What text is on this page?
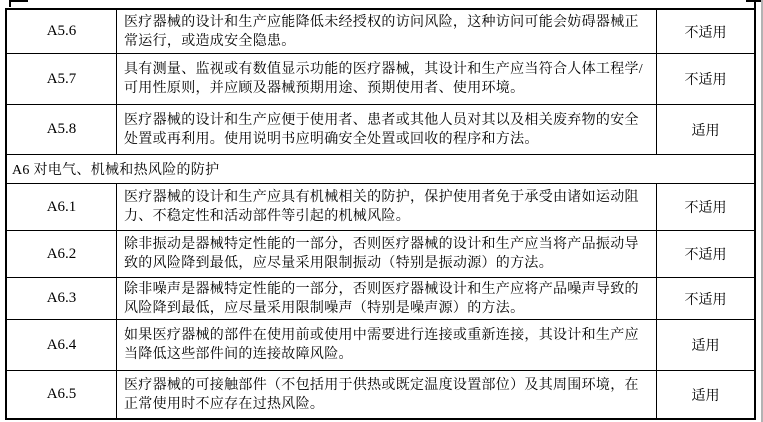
A5.6
医疗器械的设计和生产应能降低未经授权的访问风险，这种访问可能会妨碍器械正常运行，或造成安全隐患。
不适用
A5.7
具有测量、监视或有数值显示功能的医疗器械，其设计和生产应当符合人体工程学/可用性原则，并应顾及器械预期用途、预期使用者、使用环境。
不适用
A5.8
医疗器械的设计和生产应便于使用者、患者或其他人员对其以及相关废弃物的安全处置或再利用。使用说明书应明确安全处置或回收的程序和方法。
适用
A6 对电气、机械和热风险的防护
A6.1
医疗器械的设计和生产应具有机械相关的防护，保护使用者免于承受由诸如运动阻力、不稳定性和活动部件等引起的机械风险。
不适用
A6.2
除非振动是器械特定性能的一部分，否则医疗器械的设计和生产应当将产品振动导致的风险降到最低，应尽量采用限制振动（特别是振动源）的方法。
不适用
A6.3
除非噪声是器械特定性能的一部分，否则医疗器械设计和生产应将产品噪声导致的风险降到最低，应尽量采用限制噪声（特别是噪声源）的方法。
不适用
A6.4
如果医疗器械的部件在使用前或使用中需要进行连接或重新连接，其设计和生产应当降低这些部件间的连接故障风险。
适用
A6.5
医疗器械的可接触部件（不包括用于供热或既定温度设置部位）及其周围环境，在正常使用时不应存在过热风险。
适用
